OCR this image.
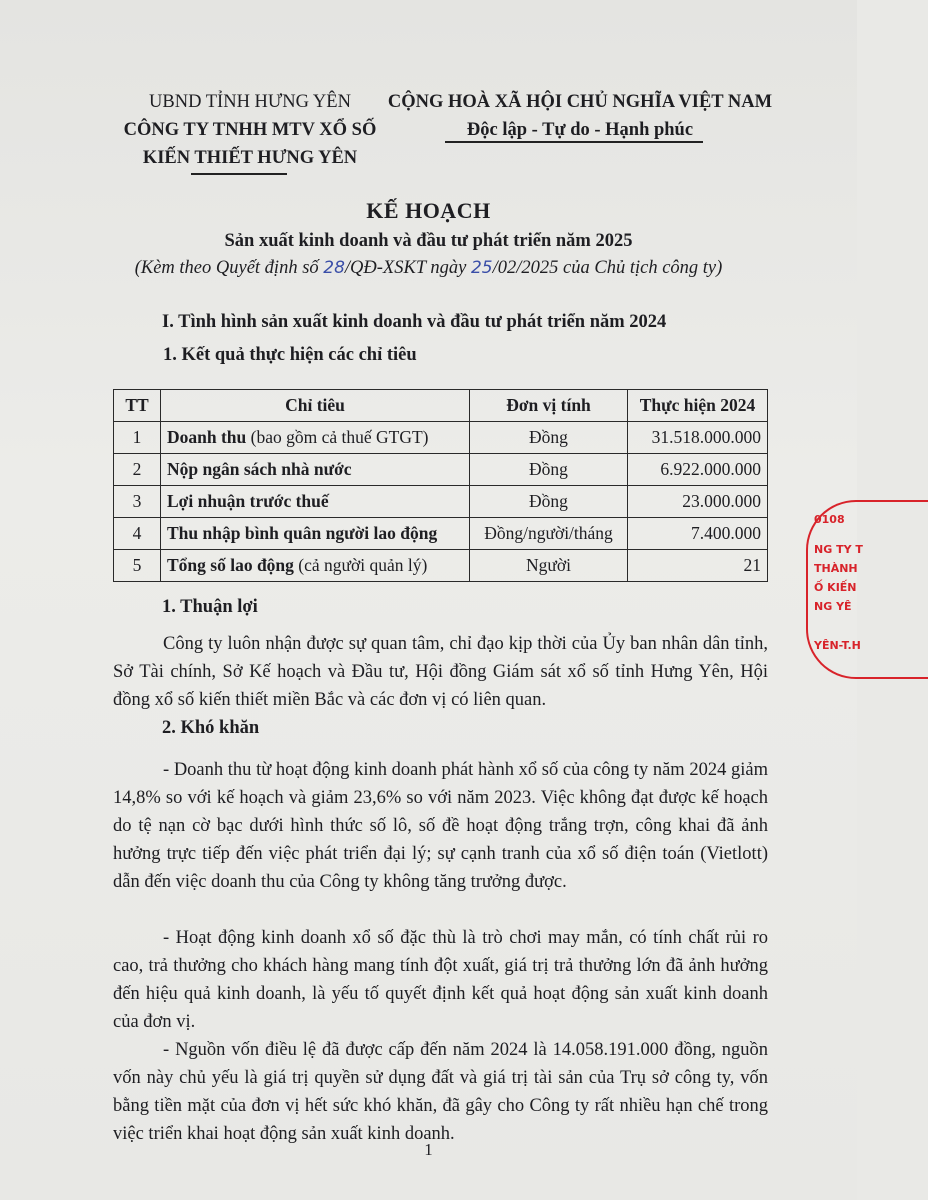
UBND TỈNH HƯNG YÊN
CÔNG TY TNHH MTV XỔ SỐ
KIẾN THIẾT HƯNG YÊN
CỘNG HOÀ XÃ HỘI CHỦ NGHĨA VIỆT NAM
Độc lập - Tự do - Hạnh phúc
KẾ HOẠCH
Sản xuất kinh doanh và đầu tư phát triển năm 2025
(Kèm theo Quyết định số 28/QĐ-XSKT ngày 25/02/2025 của Chủ tịch công ty)
I. Tình hình sản xuất kinh doanh và đầu tư phát triển năm 2024
1. Kết quả thực hiện các chỉ tiêu
TT	Chỉ tiêu	Đơn vị tính	Thực hiện 2024
1	Doanh thu (bao gồm cả thuế GTGT)	Đồng	31.518.000.000
2	Nộp ngân sách nhà nước	Đồng	6.922.000.000
3	Lợi nhuận trước thuế	Đồng	23.000.000
4	Thu nhập bình quân người lao động	Đồng/người/tháng	7.400.000
5	Tổng số lao động (cả người quản lý)	Người	21
1. Thuận lợi
Công ty luôn nhận được sự quan tâm, chỉ đạo kịp thời của Ủy ban nhân dân tỉnh, Sở Tài chính, Sở Kế hoạch và Đầu tư, Hội đồng Giám sát xổ số tỉnh Hưng Yên, Hội đồng xổ số kiến thiết miền Bắc và các đơn vị có liên quan.
2. Khó khăn
- Doanh thu từ hoạt động kinh doanh phát hành xổ số của công ty năm 2024 giảm 14,8% so với kế hoạch và giảm 23,6% so với năm 2023. Việc không đạt được kế hoạch do tệ nạn cờ bạc dưới hình thức số lô, số đề hoạt động trắng trợn, công khai đã ảnh hưởng trực tiếp đến việc phát triển đại lý; sự cạnh tranh của xổ số điện toán (Vietlott) dẫn đến việc doanh thu của Công ty không tăng trưởng được.
- Hoạt động kinh doanh xổ số đặc thù là trò chơi may mắn, có tính chất rủi ro cao, trả thưởng cho khách hàng mang tính đột xuất, giá trị trả thưởng lớn đã ảnh hưởng đến hiệu quả kinh doanh, là yếu tố quyết định kết quả hoạt động sản xuất kinh doanh của đơn vị.
- Nguồn vốn điều lệ đã được cấp đến năm 2024 là 14.058.191.000 đồng, nguồn vốn này chủ yếu là giá trị quyền sử dụng đất và giá trị tài sản của Trụ sở công ty, vốn bằng tiền mặt của đơn vị hết sức khó khăn, đã gây cho Công ty rất nhiều hạn chế trong việc triển khai hoạt động sản xuất kinh doanh.
1
0108
NG TY T
THÀNH
Ố KIẾN
NG YÊ
YÊN-T.H
